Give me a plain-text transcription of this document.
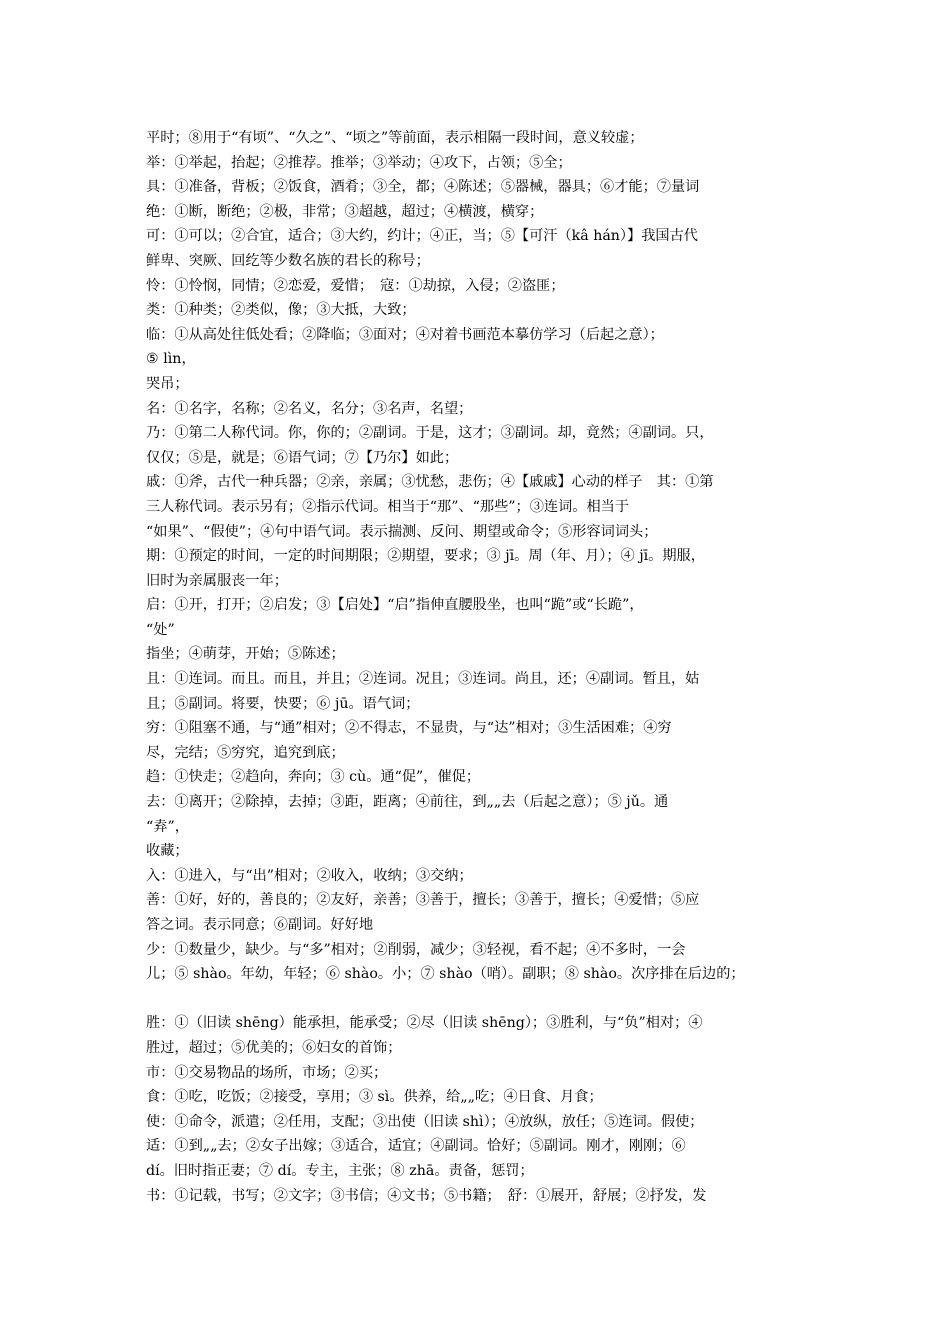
平时；⑧用于“有顷”、“久之”、“顷之”等前面，表示相隔一段时间，意义较虚；
举：①举起，抬起；②推荐。推举；③举动；④攻下，占领；⑤全；
具：①准备，背板；②饭食，酒肴；③全，都；④陈述；⑤器械，器具；⑥才能；⑦量词
绝：①断，断绝；②极，非常；③超越，超过；④横渡，横穿；
可：①可以；②合宜，适合；③大约，约计；④正，当；⑤【可汗（kâ hán）】我国古代
鲜卑、突厥、回纥等少数名族的君长的称号；
怜：①怜悯，同情；②恋爱，爱惜；　寇：①劫掠，入侵；②盗匪；
类：①种类；②类似，像；③大抵，大致；
临：①从高处往低处看；②降临；③面对；④对着书画范本摹仿学习（后起之意）；
⑤ lìn，
哭吊；
名：①名字，名称；②名义，名分；③名声，名望；
乃：①第二人称代词。你，你的；②副词。于是，这才；③副词。却，竟然；④副词。只，
仅仅；⑤是，就是；⑥语气词；⑦【乃尔】如此；
戚：①斧，古代一种兵器；②亲，亲属；③忧愁，悲伤；④【戚戚】心动的样子　其：①第
三人称代词。表示另有；②指示代词。相当于“那”、“那些”；③连词。相当于
“如果”、“假使”；④句中语气词。表示揣测、反问、期望或命令；⑤形容词词头；
期：①预定的时间，一定的时间期限；②期望，要求；③ jī。周（年、月）；④ jī。期服，
旧时为亲属服丧一年；
启：①开，打开；②启发；③【启处】“启”指伸直腰股坐，也叫“跪”或“长跪”，
“处”
指坐；④萌芽，开始；⑤陈述；
且：①连词。而且。而且，并且；②连词。况且；③连词。尚且，还；④副词。暂且，姑
且；⑤副词。将要，快要；⑥ jū。语气词；
穷：①阻塞不通，与“通”相对；②不得志，不显贵，与“达”相对；③生活困难；④穷
尽，完结；⑤穷究，追究到底；
趋：①快走；②趋向，奔向；③ cù。通“促”，催促；
去：①离开；②除掉，去掉；③距，距离；④前往，到„„去（后起之意）；⑤ jǔ。通
“弆”，
收藏；
入：①进入，与“出”相对；②收入，收纳；③交纳；
善：①好，好的，善良的；②友好，亲善；③善于，擅长；③善于，擅长；④爱惜；⑤应
答之词。表示同意；⑥副词。好好地
少：①数量少，缺少。与“多”相对；②削弱，减少；③轻视，看不起；④不多时，一会
儿；⑤ shào。年幼，年轻；⑥ shào。小；⑦ shào（哨）。副职；⑧ shào。次序排在后边的；
胜：①（旧读 shēng）能承担，能承受；②尽（旧读 shēng）；③胜利，与“负”相对；④
胜过，超过；⑤优美的；⑥妇女的首饰；
市：①交易物品的场所，市场；②买；
食：①吃，吃饭；②接受，享用；③ sì。供养，给„„吃；④日食、月食；
使：①命令，派遣；②任用，支配；③出使（旧读 shì）；④放纵，放任；⑤连词。假使；
适：①到„„去；②女子出嫁；③适合，适宜；④副词。恰好；⑤副词。刚才，刚刚；⑥
dí。旧时指正妻；⑦ dí。专主，主张；⑧ zhā。责备，惩罚；
书：①记载，书写；②文字；③书信；④文书；⑤书籍；　舒：①展开，舒展；②抒发，发
